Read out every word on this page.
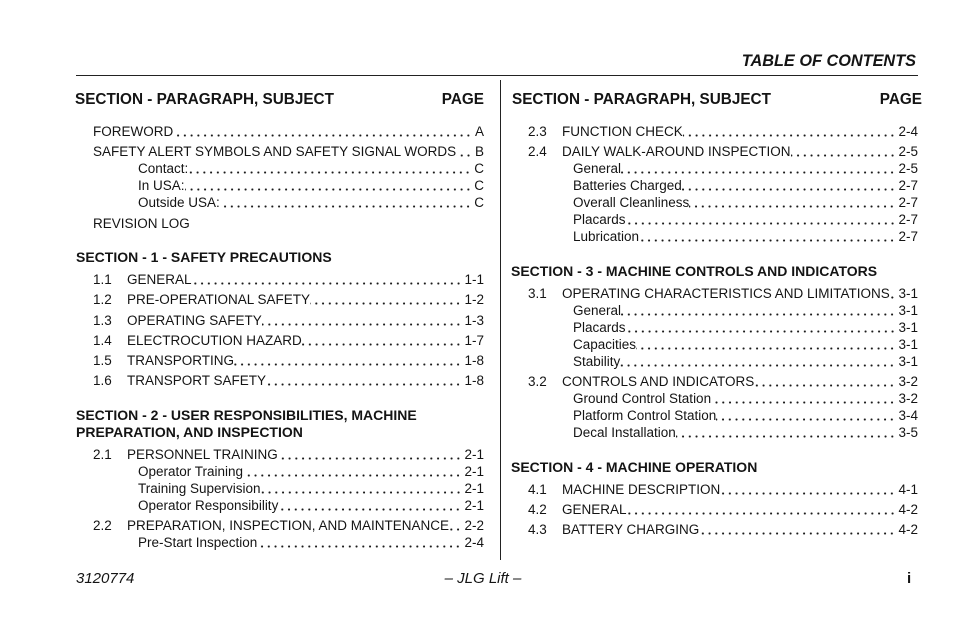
TABLE OF CONTENTS
SECTION - PARAGRAPH, SUBJECT	PAGE SECTION - PARAGRAPH, SUBJECT	PAGE
FOREWORD	A
SAFETY ALERT SYMBOLS AND SAFETY SIGNAL WORDS B
Contact:	C
In USA:	C
Outside USA:	C
REVISION LOG
SECTION - 1 - SAFETY PRECAUTIONS
1.1	GENERAL	1-1
1.2	PRE-OPERATIONAL SAFETY	1-2
1.3	OPERATING SAFETY	1-3
1.4	ELECTROCUTION HAZARD	1-7
1.5	TRANSPORTING	1-8
1.6	TRANSPORT SAFETY	1-8
SECTION - 2 - USER RESPONSIBILITIES, MACHINE PREPARATION, AND INSPECTION
2.1	PERSONNEL TRAINING	2-1
Operator Training	2-1
Training Supervision	2-1
Operator Responsibility	2-1
2.2	PREPARATION, INSPECTION, AND MAINTENANCE 2-2
Pre-Start Inspection	2-4
2.3	FUNCTION CHECK	2-4
2.4	DAILY WALK-AROUND INSPECTION	2-5
General	2-5
Batteries Charged	2-7
Overall Cleanliness	2-7
Placards	2-7
Lubrication	2-7
SECTION - 3 - MACHINE CONTROLS AND INDICATORS
3.1	OPERATING CHARACTERISTICS AND LIMITATIONS 3-1
General	3-1
Placards	3-1
Capacities	3-1
Stability	3-1
3.2	CONTROLS AND INDICATORS	3-2
Ground Control Station	3-2
Platform Control Station	3-4
Decal Installation	3-5
SECTION - 4 - MACHINE OPERATION
4.1	MACHINE DESCRIPTION	4-1
4.2	GENERAL	4-2
4.3	BATTERY CHARGING	4-2
3120774	– JLG Lift –	i
